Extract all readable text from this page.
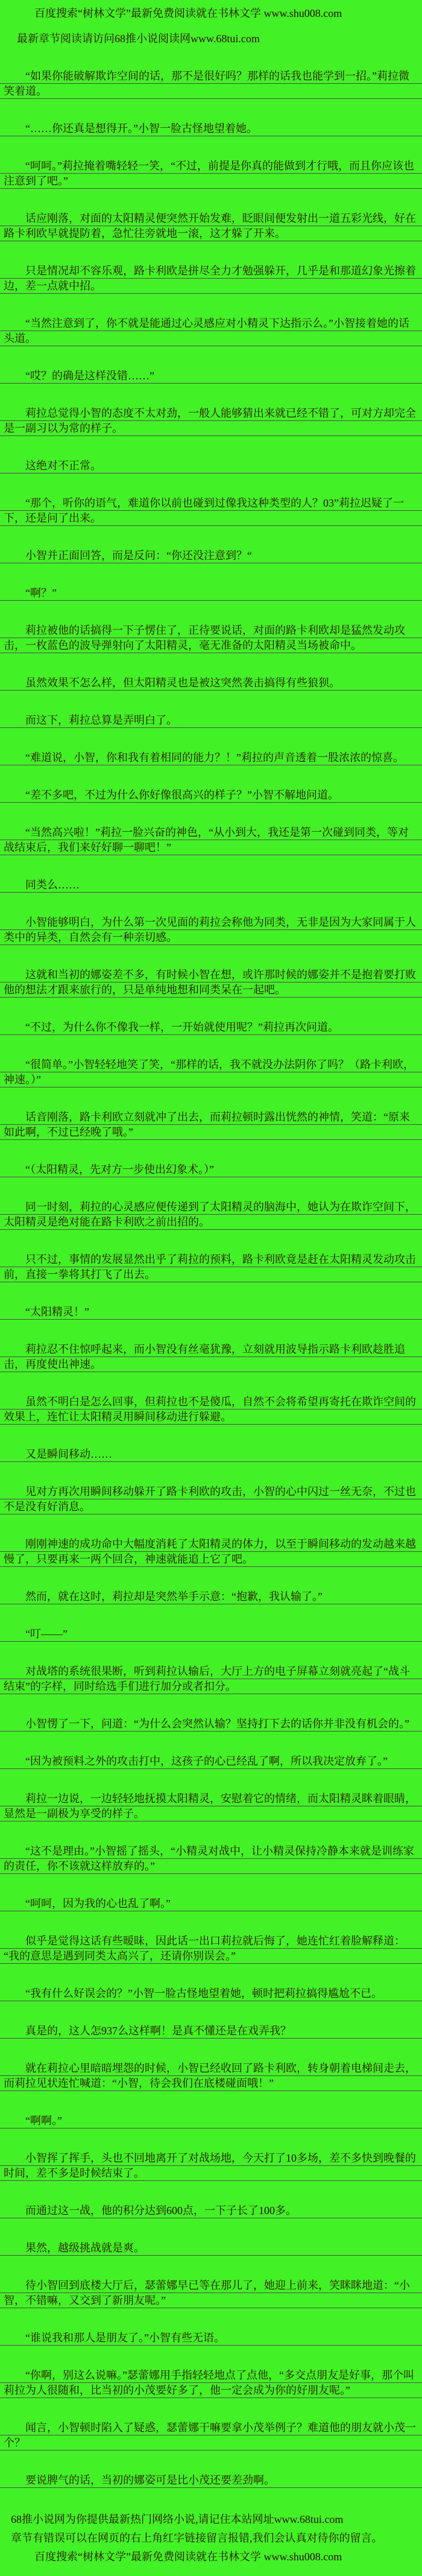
百度搜索“树林文学”最新免费阅读就在书林文学 www.shu008.com
最新章节阅读请访问68推小说阅读网www.68tui.com

“如果你能破解欺诈空间的话，那不是很好吗？那样的话我也能学到一招。”莉拉微笑着道。

“……你还真是想得开。”小智一脸古怪地望着她。

“呵呵。”莉拉掩着嘴轻轻一笑，“不过，前提是你真的能做到才行哦，而且你应该也注意到了吧。”

话应刚落，对面的太阳精灵便突然开始发难，眨眼间便发射出一道五彩光线，好在路卡利欧早就提防着，急忙往旁就地一滚，这才躲了开来。

只是情况却不容乐观，路卡利欧是拼尽全力才勉强躲开，几乎是和那道幻象光擦着边，差一点就中招。

“当然注意到了，你不就是能通过心灵感应对小精灵下达指示么。”小智接着她的话头道。

“哎？的确是这样没错……”

莉拉总觉得小智的态度不太对劲，一般人能够猜出来就已经不错了，可对方却完全是一副习以为常的样子。

这绝对不正常。

“那个，听你的语气，难道你以前也碰到过像我这种类型的人？03”莉拉迟疑了一下，还是问了出来。

小智并正面回答，而是反问：“你还没注意到？“

“啊？”

莉拉被他的话搞得一下子愣住了，正待要说话，对面的路卡利欧却是猛然发动攻击，一枚蓝色的波导弹射向了太阳精灵，毫无准备的太阳精灵当场被命中。

虽然效果不怎么样，但太阳精灵也是被这突然袭击搞得有些狼狈。

而这下，莉拉总算是弄明白了。

“难道说，小智，你和我有着相同的能力？！”莉拉的声音透着一股浓浓的惊喜。

“差不多吧，不过为什么你好像很高兴的样子？”小智不解地问道。

“当然高兴啦！”莉拉一脸兴奋的神色，“从小到大，我还是第一次碰到同类，等对战结束后，我们来好好聊一聊吧！”

同类么……

小智能够明白，为什么第一次见面的莉拉会称他为同类，无非是因为大家同属于人类中的异类，自然会有一种亲切感。

这就和当初的娜姿差不多，有时候小智在想，或许那时候的娜姿并不是抱着要打败他的想法才跟来旅行的，只是单纯地想和同类呆在一起吧。

“不过，为什么你不像我一样，一开始就使用呢？”莉拉再次问道。

“很简单。”小智轻轻地笑了笑，“那样的话，我不就没办法阴你了吗？（路卡利欧，神速。）”

话音刚落，路卡利欧立刻就冲了出去，而莉拉顿时露出恍然的神情，笑道：“原来如此啊，不过已经晚了哦。”

“（太阳精灵，先对方一步使出幻象术。）”

同一时刻，莉拉的心灵感应便传递到了太阳精灵的脑海中，她认为在欺诈空间下，太阳精灵是绝对能在路卡利欧之前出招的。

只不过，事情的发展显然出乎了莉拉的预料，路卡利欧竟是赶在太阳精灵发动攻击前，直接一拳将其打飞了出去。

“太阳精灵！”

莉拉忍不住惊呼起来，而小智没有丝毫犹豫，立刻就用波导指示路卡利欧趁胜追击，再度使出神速。

虽然不明白是怎么回事，但莉拉也不是傻瓜，自然不会将希望再寄托在欺诈空间的效果上，连忙让太阳精灵用瞬间移动进行躲避。

又是瞬间移动……

见对方再次用瞬间移动躲开了路卡利欧的攻击，小智的心中闪过一丝无奈，不过也不是没有好消息。

刚刚神速的成功命中大幅度消耗了太阳精灵的体力，以至于瞬间移动的发动越来越慢了，只要再来一两个回合，神速就能追上它了吧。

然而，就在这时，莉拉却是突然举手示意：“抱歉，我认输了。”

“叮——”

对战塔的系统很果断，听到莉拉认输后，大厅上方的电子屏幕立刻就亮起了“战斗结束”的字样，同时给选手们进行加分或者扣分。

小智愣了一下，问道：“为什么会突然认输？坚持打下去的话你并非没有机会的。”

“因为被预料之外的攻击打中，这孩子的心已经乱了啊，所以我决定放弃了。”

莉拉一边说，一边轻轻地抚摸太阳精灵，安慰着它的情绪，而太阳精灵眯着眼睛，显然是一副极为享受的样子。

“这不是理由。”小智摇了摇头，“小精灵对战中，让小精灵保持冷静本来就是训练家的责任，你不该就这样放弃的。”

“呵呵，因为我的心也乱了啊。”

似乎是觉得这话有些暧昧，因此话一出口莉拉就后悔了，她连忙红着脸解释道：“我的意思是遇到同类太高兴了，还请你别误会。”

“我有什么好误会的？”小智一脸古怪地望着她，顿时把莉拉搞得尴尬不已。

真是的，这人怎937么这样啊！是真不懂还是在戏弄我？

就在莉拉心里暗暗埋怨的时候，小智已经收回了路卡利欧，转身朝着电梯间走去，而莉拉见状连忙喊道：“小智，待会我们在底楼碰面哦！”

“啊啊。”

小智挥了挥手，头也不回地离开了对战场地，今天打了10多场，差不多快到晚餐的时间，差不多是时候结束了。

而通过这一战，他的积分达到600点，一下子长了100多。

果然，越级挑战就是爽。

待小智回到底楼大厅后，瑟蕾娜早已等在那儿了，她迎上前来，笑眯眯地道：“小智，不错嘛，又交到了新朋友呢。”

“谁说我和那人是朋友了。”小智有些无语。

“你啊，别这么说嘛。”瑟蕾娜用手指轻轻地点了点他，“多交点朋友是好事，那个叫莉拉为人很随和，比当初的小茂要好多了，他一定会成为你的好朋友呢。”

闻言，小智顿时陷入了疑惑，瑟蕾娜干嘛要拿小茂举例子？难道他的朋友就小茂一个？

要说脾气的话，当初的娜姿可是比小茂还要差劲啊。

68推小说网为你提供最新热门网络小说,请记住本站网址www.68tui.com
章节有错误可以在网页的右上角红字链接留言报错,我们会认真对待你的留言。
百度搜索“树林文学”最新免费阅读就在书林文学 www.shu008.com
